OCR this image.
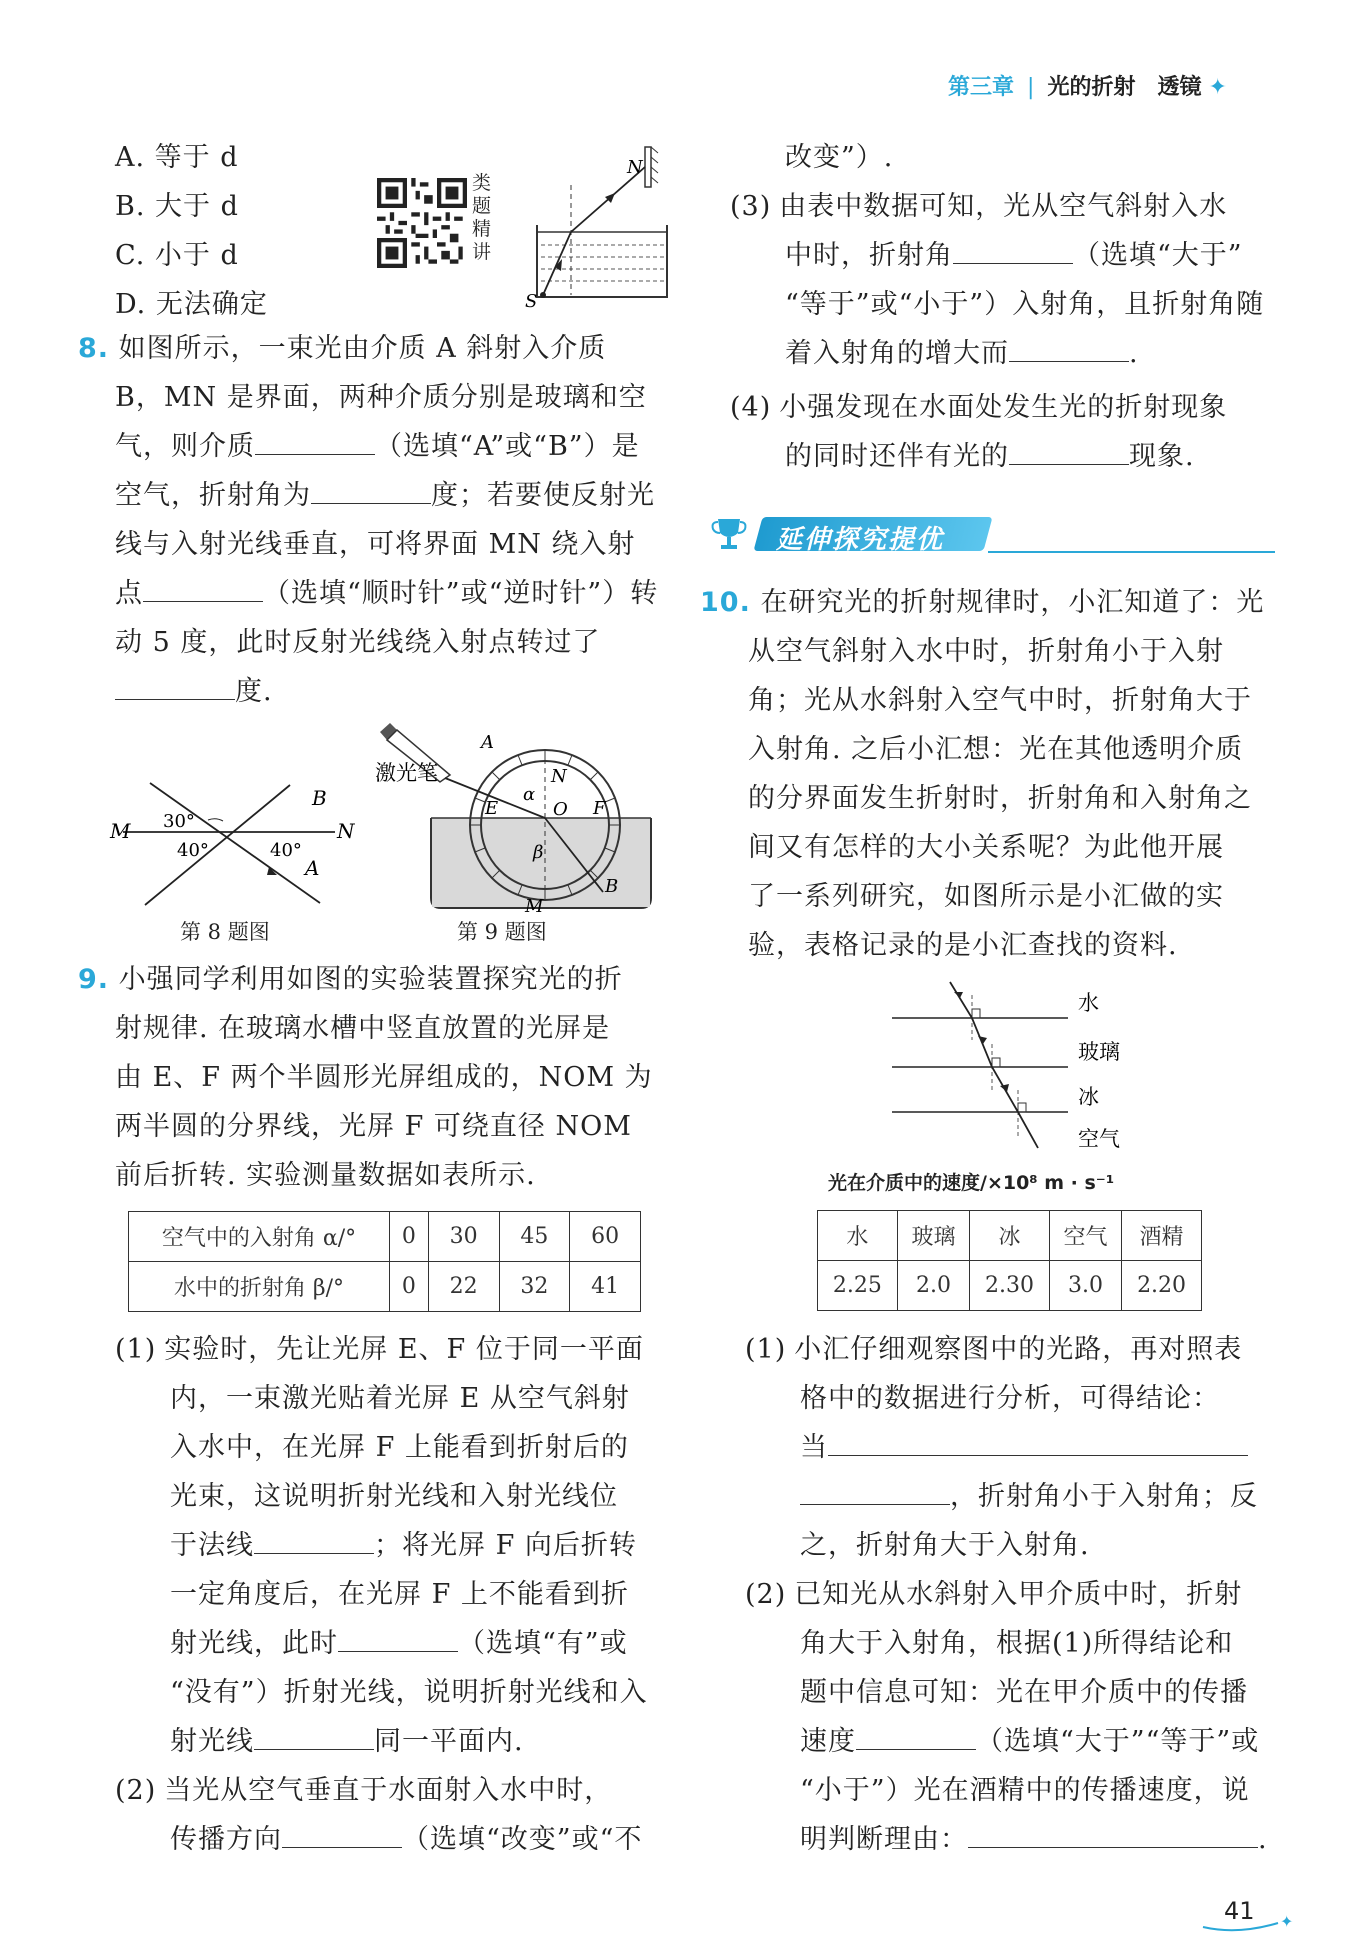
第三章 | 光的折射　透镜 ✦
A. 等于 d
B. 大于 d
C. 小于 d
D. 无法确定
类题精讲
N
S
8. 如图所示，一束光由介质 A 斜射入介质
B，MN 是界面，两种介质分别是玻璃和空
气，则介质	（选填“A”或“B”）是
空气，折射角为	度；若要使反射光
线与入射光线垂直，可将界面 MN 绕入射
点	（选填“顺时针”或“逆时针”）转
动 5 度，此时反射光线绕入射点转过了
度.
30°
40°	40°
M	N
B
A
第 8 题图
激光笔
A
N
E	O F
α
β
M
B
第 9 题图
9. 小强同学利用如图的实验装置探究光的折
射规律. 在玻璃水槽中竖直放置的光屏是
由 E、F 两个半圆形光屏组成的，NOM 为
两半圆的分界线，光屏 F 可绕直径 NOM
前后折转. 实验测量数据如表所示.
空气中的入射角 α/°	0	30	45	60
水中的折射角 β/°	0	22	32	41
(1) 实验时，先让光屏 E、F 位于同一平面
内，一束激光贴着光屏 E 从空气斜射
入水中，在光屏 F 上能看到折射后的
光束，这说明折射光线和入射光线位
于法线	；将光屏 F 向后折转
一定角度后，在光屏 F 上不能看到折
射光线，此时	（选填“有”或
“没有”）折射光线，说明折射光线和入
射光线	同一平面内.
(2) 当光从空气垂直于水面射入水中时，
传播方向	（选填“改变”或“不
改变”）.
(3) 由表中数据可知，光从空气斜射入水
中时，折射角	（选填“大于”
“等于”或“小于”）入射角，且折射角随
着入射角的增大而	.
(4) 小强发现在水面处发生光的折射现象
的同时还伴有光的	现象.
延伸探究提优
10. 在研究光的折射规律时，小汇知道了：光
从空气斜射入水中时，折射角小于入射
角；光从水斜射入空气中时，折射角大于
入射角. 之后小汇想：光在其他透明介质
的分界面发生折射时，折射角和入射角之
间又有怎样的大小关系呢？为此他开展
了一系列研究，如图所示是小汇做的实
验，表格记录的是小汇查找的资料.
水
玻璃
冰
空气
光在介质中的速度/×10⁸ m · s⁻¹
水	玻璃	冰	空气	酒精
2.25	2.0	2.30	3.0	2.20
(1) 小汇仔细观察图中的光路，再对照表
格中的数据进行分析，可得结论：
当
，折射角小于入射角；反
之，折射角大于入射角.
(2) 已知光从水斜射入甲介质中时，折射
角大于入射角，根据(1)所得结论和
题中信息可知：光在甲介质中的传播
速度	（选填“大于”“等于”或
“小于”）光在酒精中的传播速度，说
明判断理由：	.
✦
41
